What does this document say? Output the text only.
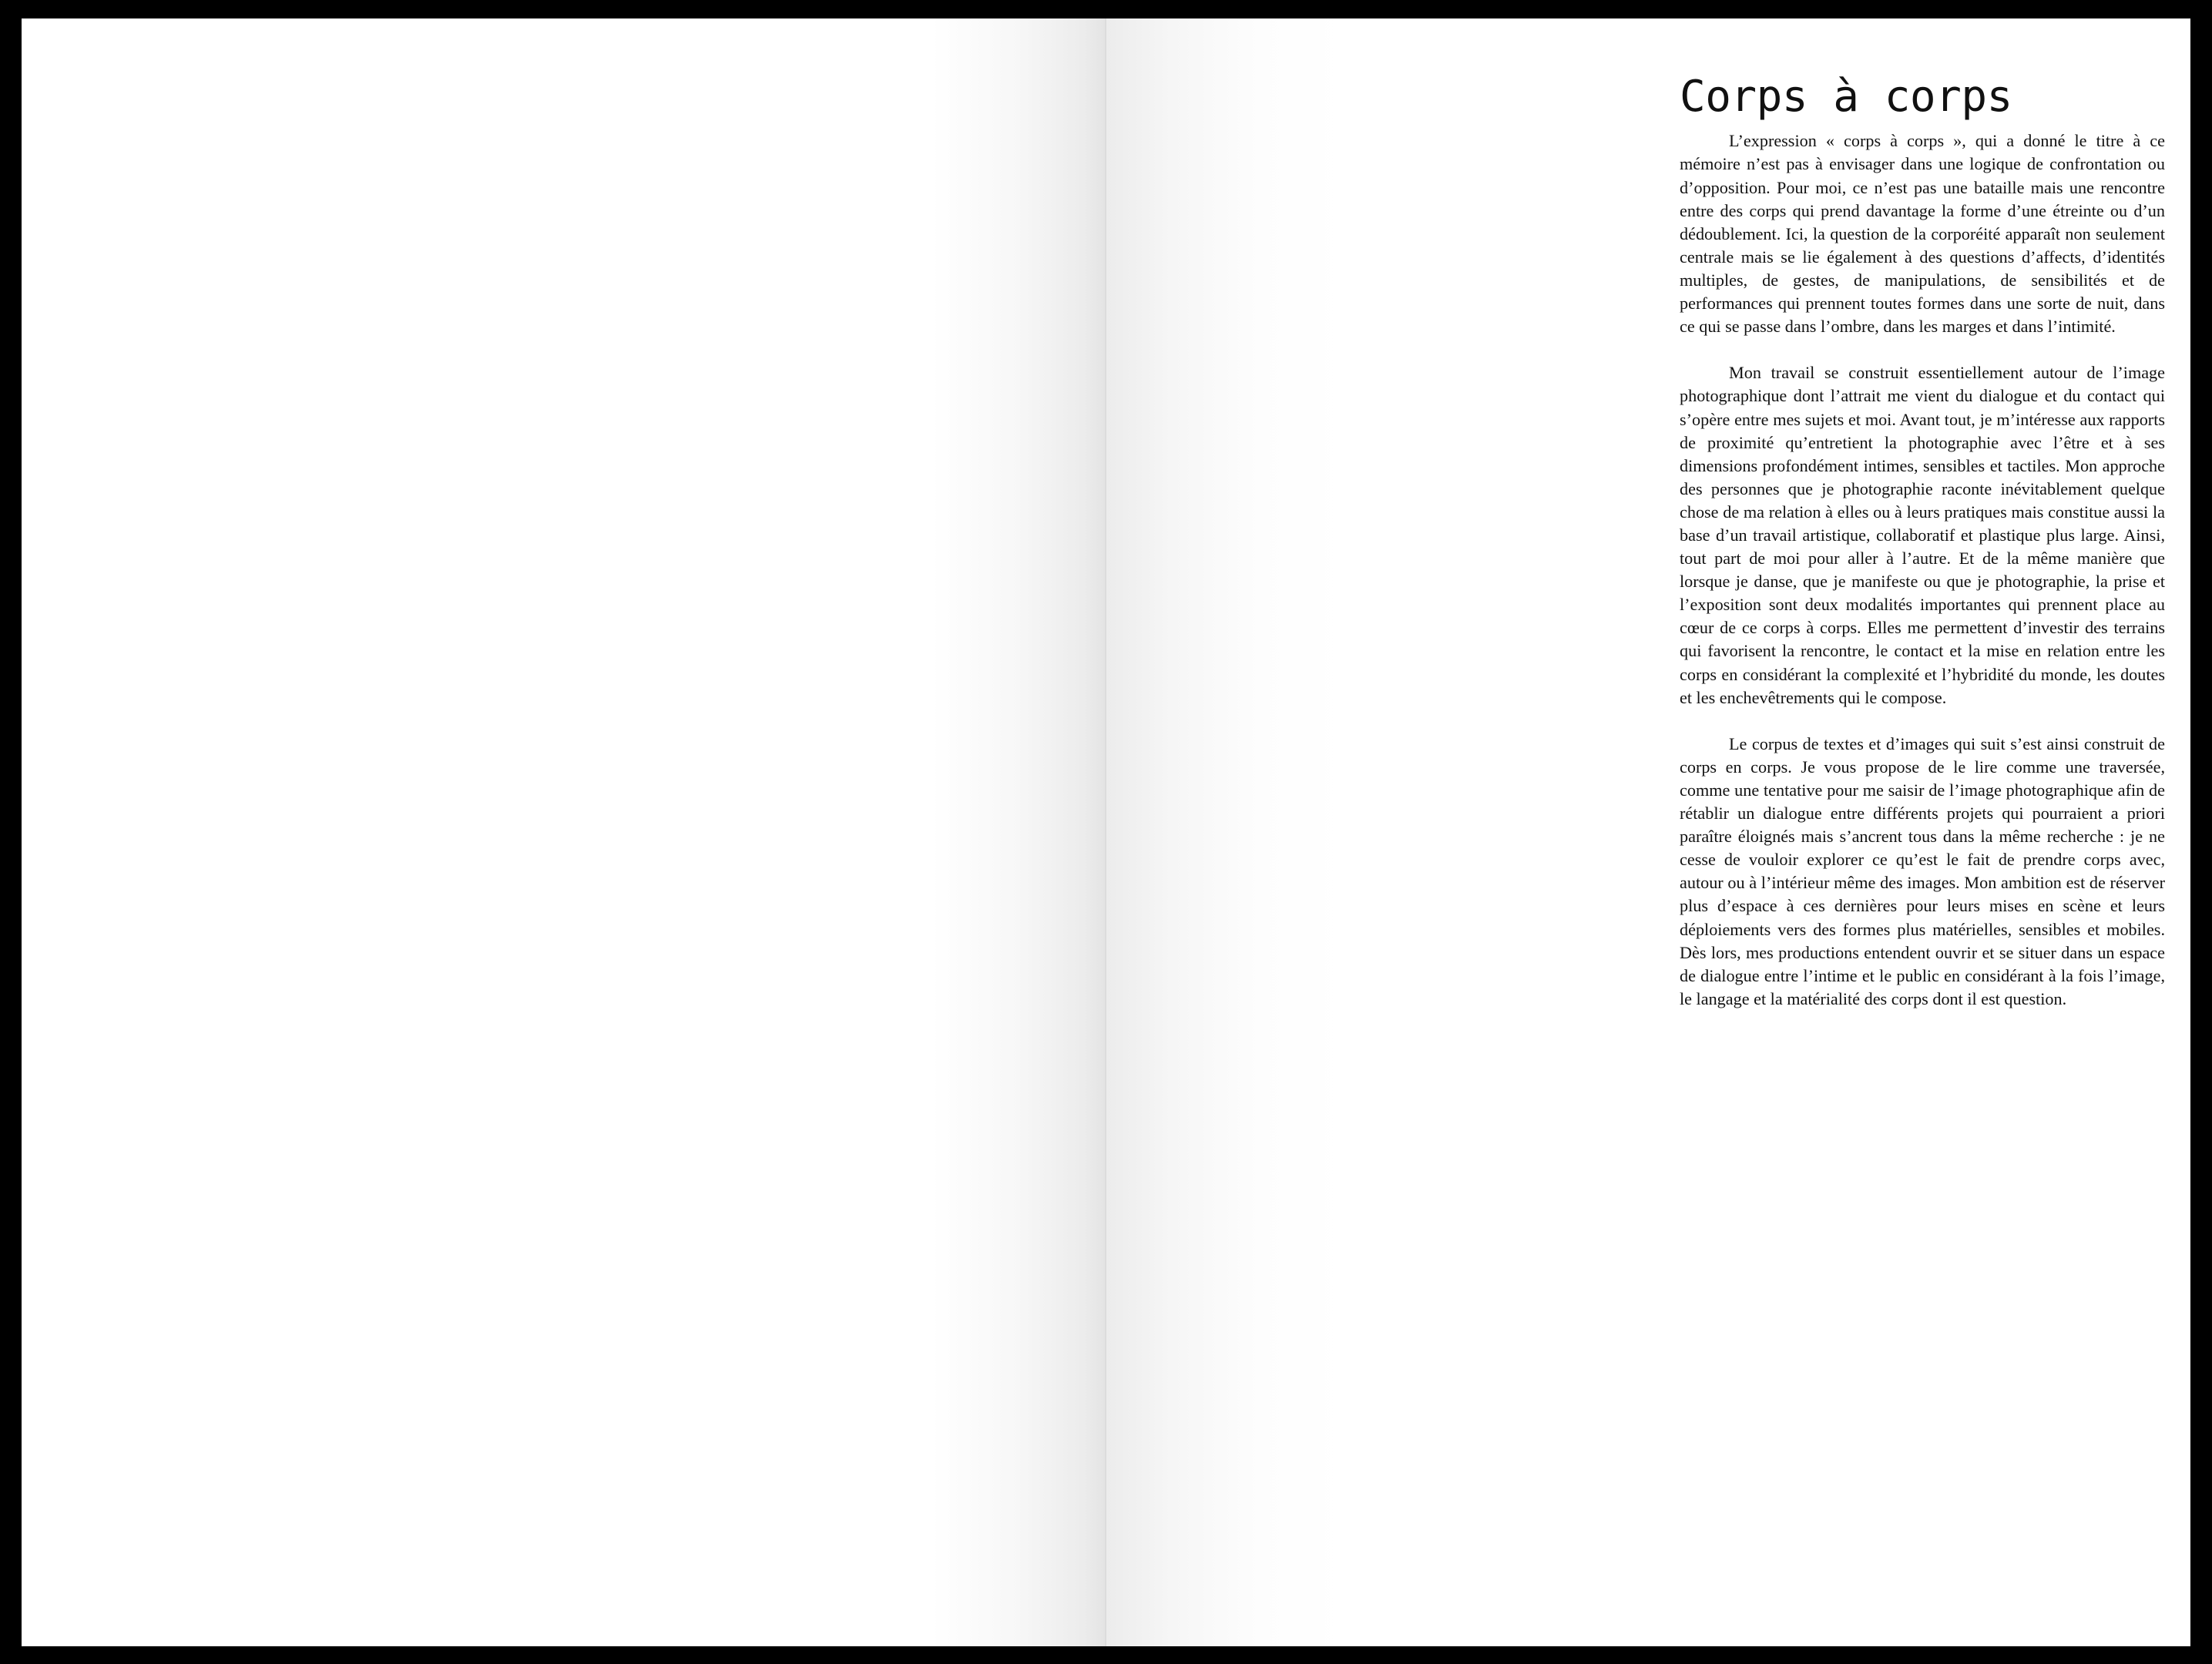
Corps à corps

L’expression « corps à corps », qui a donné le titre à ce mémoire n’est pas à envisager dans une logique de confrontation ou d’opposition. Pour moi, ce n’est pas une bataille mais une rencontre entre des corps qui prend davantage la forme d’une étreinte ou d’un dédoublement. Ici, la question de la corporéité apparaît non seulement centrale mais se lie également à des questions d’affects, d’identités multiples, de gestes, de manipulations, de sensibilités et de performances qui prennent toutes formes dans une sorte de nuit, dans ce qui se passe dans l’ombre, dans les marges et dans l’intimité.

Mon travail se construit essentiellement autour de l’image photographique dont l’attrait me vient du dialogue et du contact qui s’opère entre mes sujets et moi. Avant tout, je m’intéresse aux rapports de proximité qu’entretient la photographie avec l’être et à ses dimensions profondément intimes, sensibles et tactiles. Mon approche des personnes que je photographie raconte inévitablement quelque chose de ma relation à elles ou à leurs pratiques mais constitue aussi la base d’un travail artistique, collaboratif et plastique plus large. Ainsi, tout part de moi pour aller à l’autre. Et de la même manière que lorsque je danse, que je manifeste ou que je photographie, la prise et l’exposition sont deux modalités importantes qui prennent place au cœur de ce corps à corps. Elles me permettent d’investir des terrains qui favorisent la rencontre, le contact et la mise en relation entre les corps en considérant la complexité et l’hybridité du monde, les doutes et les enchevêtrements qui le compose.

Le corpus de textes et d’images qui suit s’est ainsi construit de corps en corps. Je vous propose de le lire comme une traversée, comme une tentative pour me saisir de l’image photographique afin de rétablir un dialogue entre différents projets qui pourraient a priori paraître éloignés mais s’ancrent tous dans la même recherche : je ne cesse de vouloir explorer ce qu’est le fait de prendre corps avec, autour ou à l’intérieur même des images. Mon ambition est de réserver plus d’espace à ces dernières pour leurs mises en scène et leurs déploiements vers des formes plus matérielles, sensibles et mobiles. Dès lors, mes productions entendent ouvrir et se situer dans un espace de dialogue entre l’intime et le public en considérant à la fois l’image, le langage et la matérialité des corps dont il est question.
